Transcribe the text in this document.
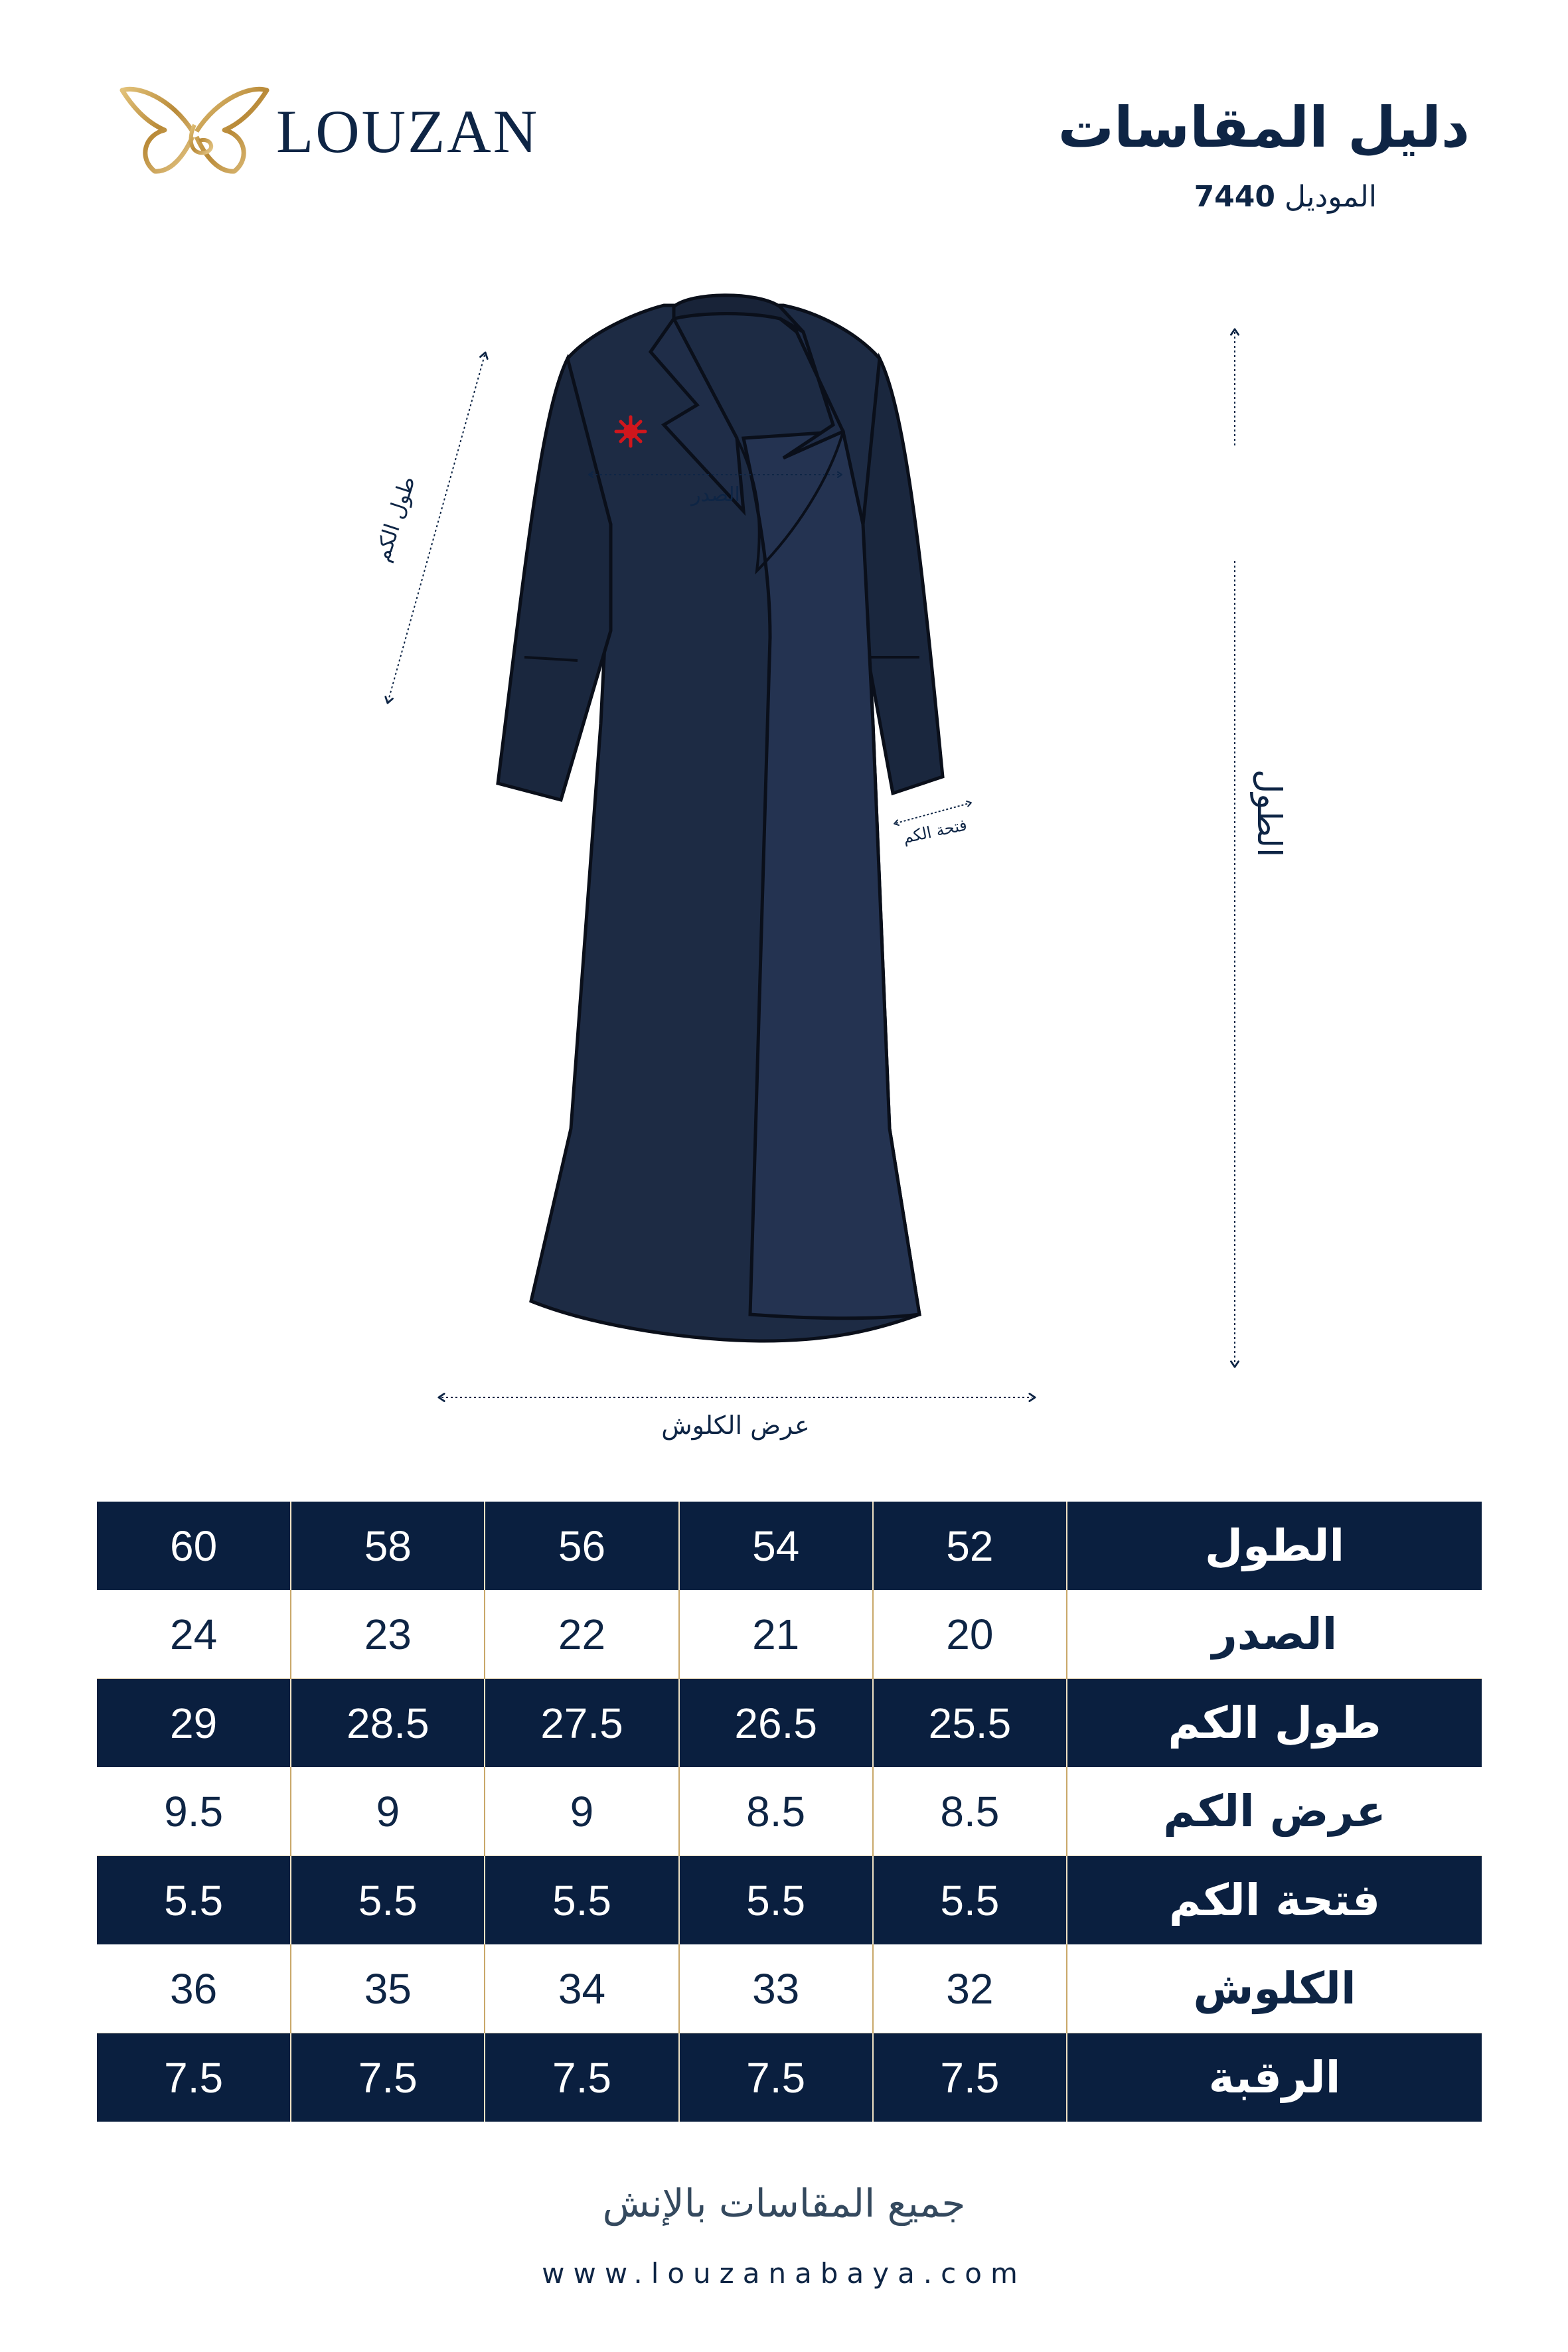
LOUZAN	دليل المقاسات
الموديل 7440
الصدر
طول الكم
فتحة الكم	الطول
عرض الكلوش
60	58	56	54	52	الطول
24	23	22	21	20	الصدر
29	28.5	27.5	26.5	25.5	طول الكم
9.5	9	9	8.5	8.5	عرض الكم
5.5	5.5	5.5	5.5	5.5	فتحة الكم
36	35	34	33	32	الكلوش
7.5	7.5	7.5	7.5	7.5	الرقبة
جميع المقاسات بالإنش
www.louzanabaya.com
